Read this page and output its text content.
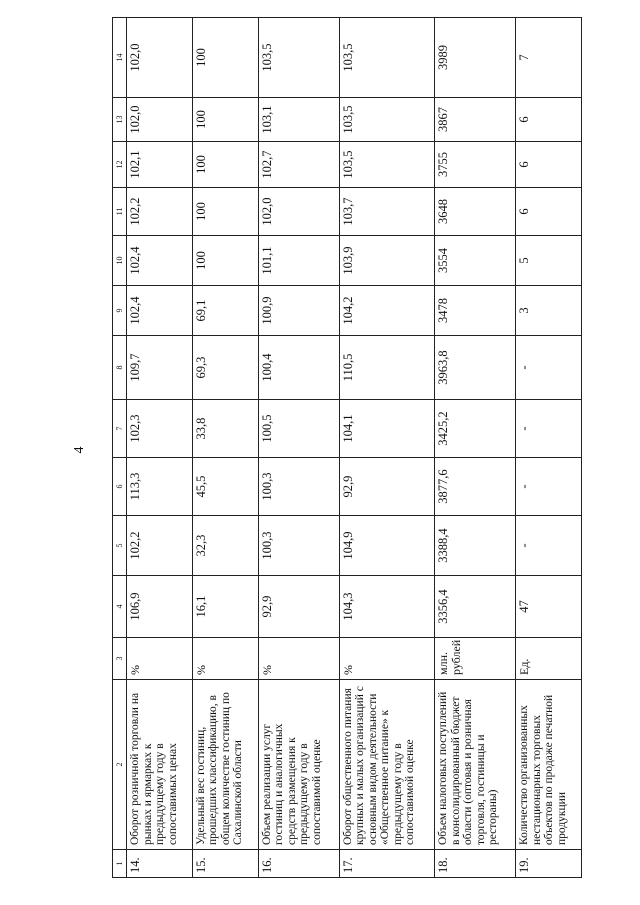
4
1	2	3	4	5	6	7	8	9	10	11	12	13	14
14.	Оборот розничной торговли на рынках и ярмарках к предыдущему году в сопоставимых ценах	%	106,9	102,2	113,3	102,3	109,7	102,4	102,4	102,2	102,1	102,0	102,0
15.	Удельный вес гостиниц, прошедших классификацию, в общем количестве гостиниц по Сахалинской области	%	16,1	32,3	45,5	33,8	69,3	69,1	100	100	100	100	100
16.	Объем реализации услуг гостиниц и аналогичных средств размещения к предыдущему году в сопоставимой оценке	%	92,9	100,3	100,3	100,5	100,4	100,9	101,1	102,0	102,7	103,1	103,5
17.	Оборот общественного питания крупных и малых организаций с основным видом деятельности «Общественное питание» к предыдущему году в сопоставимой оценке	%	104,3	104,9	92,9	104,1	110,5	104,2	103,9	103,7	103,5	103,5	103,5
18.	Объем налоговых поступлений в консолидированный бюджет области (оптовая и розничная торговля, гостиницы и рестораны)	млн. рублей	3356,4	3388,4	3877,6	3425,2	3963,8	3478	3554	3648	3755	3867	3989
19.	Количество организованных нестационарных торговых объектов по продаже печатной продукции	Ед.	47	-	-	-	-	3	5	6	6	6	7
